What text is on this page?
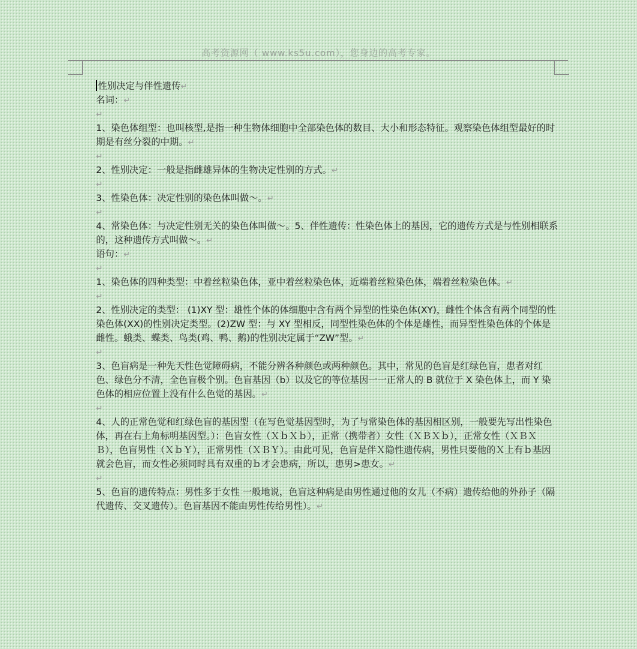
高考资源网（ www.ks5u.com），您身边的高考专家。

性别决定与伴性遗传↵

名词：↵

↵

1、染色体组型：也叫核型,是指一种生物体细胞中全部染色体的数目、大小和形态特征。观察染色体组型最好的时期是有丝分裂的中期。↵

↵

2、性别决定：一般是指雌雄异体的生物决定性别的方式。↵

↵

3、性染色体：决定性别的染色体叫做～。↵

↵

4、常染色体：与决定性别无关的染色体叫做～。5、伴性遗传：性染色体上的基因，它的遗传方式是与性别相联系的，这种遗传方式叫做～。↵

语句：↵

↵

1、染色体的四种类型：中着丝粒染色体，亚中着丝粒染色体，近端着丝粒染色体，端着丝粒染色体。↵

↵

2、性别决定的类型： (1)XY 型：雄性个体的体细胞中含有两个异型的性染色体(XY)，雌性个体含有两个同型的性染色体(XX)的性别决定类型。(2)ZW 型：与 XY 型相反，同型性染色体的个体是雄性，而异型性染色体的个体是雌性。蛾类、蝶类、鸟类(鸡、鸭、鹅)的性别决定属于“ZW”型。↵

↵

3、色盲病是一种先天性色觉障碍病，不能分辨各种颜色或两种颜色。其中，常见的色盲是红绿色盲，患者对红色、绿色分不清，全色盲极个别。色盲基因（b）以及它的等位基因一一正常人的 B 就位于 X 染色体上，而 Y 染色体的相应位置上没有什么色觉的基因。↵

↵

4、人的正常色觉和红绿色盲的基因型（在写色觉基因型时，为了与常染色体的基因相区别，一般要先写出性染色体，再在右上角标明基因型。）：色盲女性（ＸｂＸｂ），正常（携带者）女性（ＸＢＸｂ），正常女性（ＸＢＸＢ），色盲男性（ＸｂＹ），正常男性（ＸＢＹ）。由此可见，色盲是伴Ｘ隐性遗传病，男性只要他的Ｘ上有ｂ基因就会色盲，而女性必须同时具有双重的ｂ才会患病，所以，患男>患女。↵

↵

5、色盲的遗传特点：男性多于女性 一般地说，色盲这种病是由男性通过他的女儿（不病）遗传给他的外孙子（隔代遗传、交叉遗传）。色盲基因不能由男性传给男性）。↵
